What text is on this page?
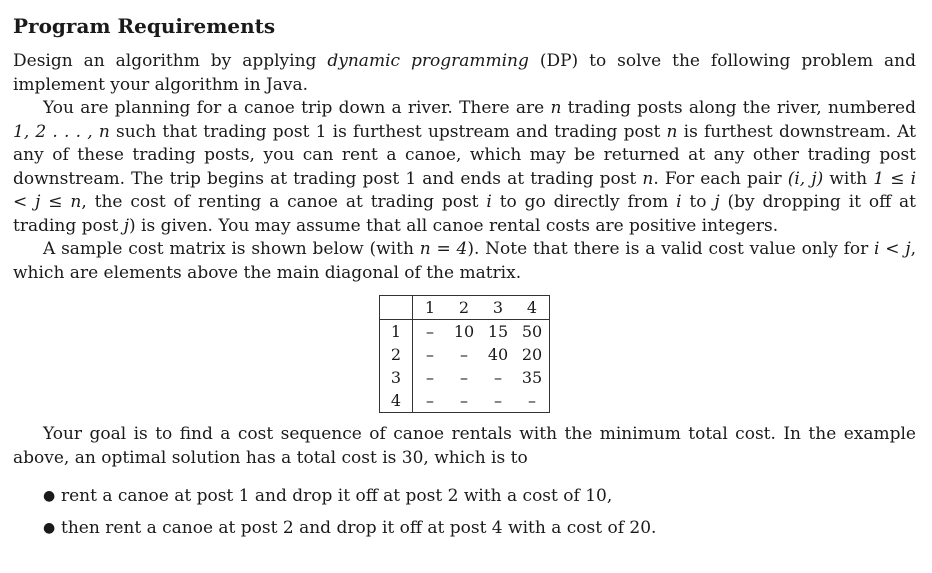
Program Requirements

Design an algorithm by applying dynamic programming (DP) to solve the following problem and implement your algorithm in Java.

You are planning for a canoe trip down a river. There are n trading posts along the river, numbered 1, 2 . . . , n such that trading post 1 is furthest upstream and trading post n is furthest downstream. At any of these trading posts, you can rent a canoe, which may be returned at any other trading post downstream. The trip begins at trading post 1 and ends at trading post n. For each pair (i, j) with 1 ≤ i < j ≤ n, the cost of renting a canoe at trading post i to go directly from i to j (by dropping it off at trading post j) is given. You may assume that all canoe rental costs are positive integers.

A sample cost matrix is shown below (with n = 4). Note that there is a valid cost value only for i < j, which are elements above the main diagonal of the matrix.

	1	2	3	4
1	–	10	15	50
2	–	–	40	20
3	–	–	–	35
4	–	–	–	–

Your goal is to find a cost sequence of canoe rentals with the minimum total cost. In the example above, an optimal solution has a total cost is 30, which is to

● rent a canoe at post 1 and drop it off at post 2 with a cost of 10,
● then rent a canoe at post 2 and drop it off at post 4 with a cost of 20.
